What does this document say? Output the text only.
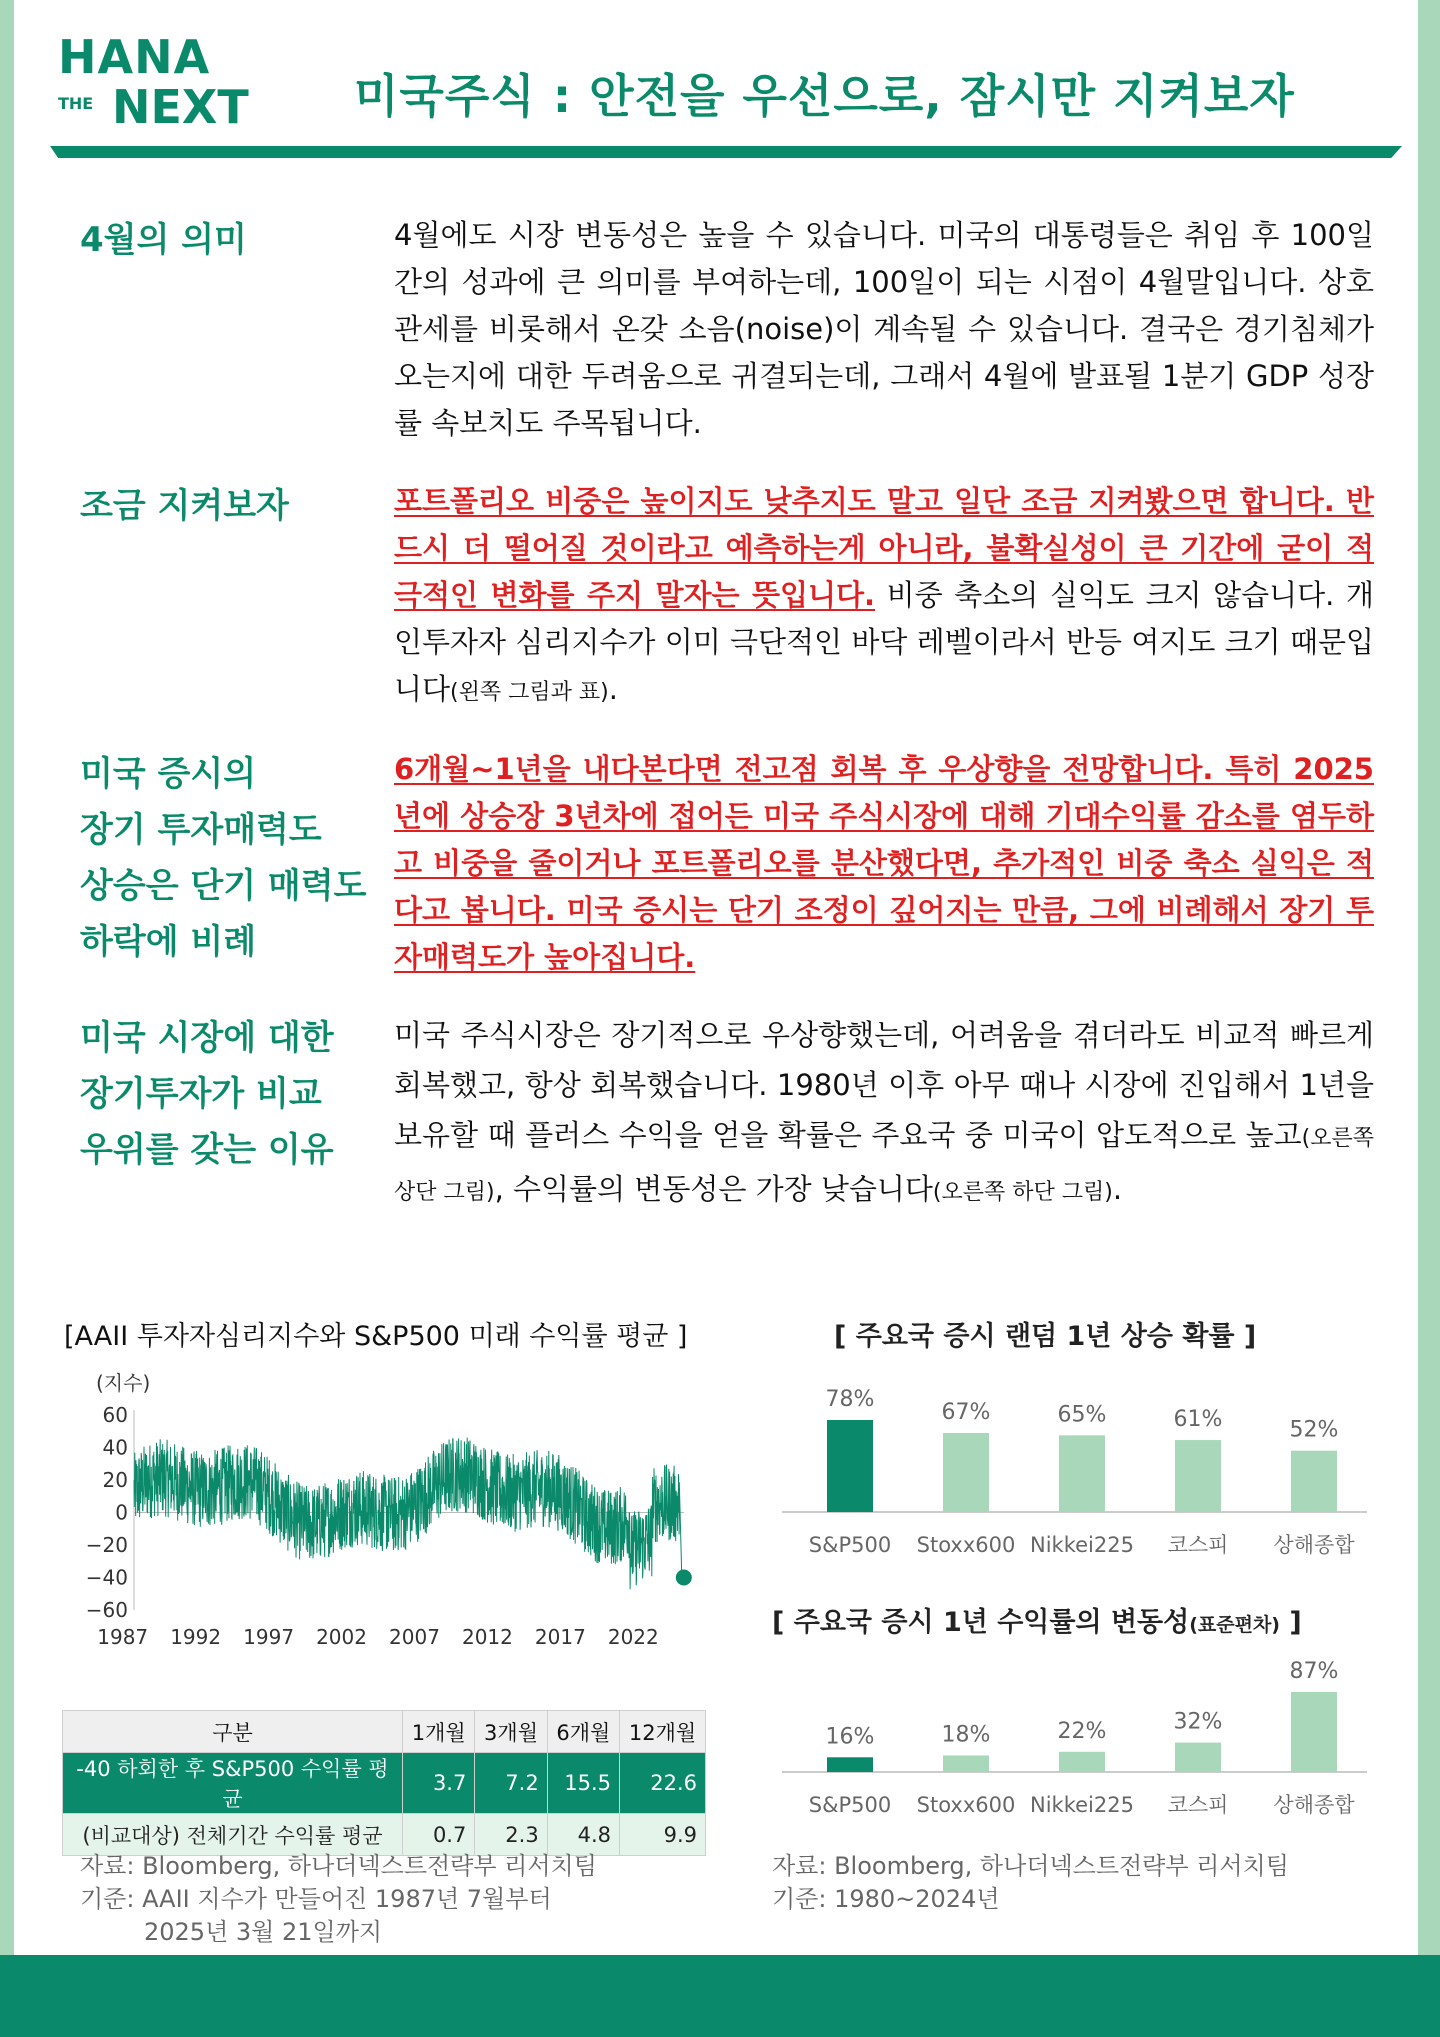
HANA
THE NEXT 미국주식 : 안전을 우선으로, 잠시만 지켜보자
4월의 의미	4월에도 시장 변동성은 높을 수 있습니다. 미국의 대통령들은 취임 후 100일 간의 성과에 큰 의미를 부여하는데, 100일이 되는 시점이 4월말입니다. 상호관세를 비롯해서 온갖 소음(noise)이 계속될 수 있습니다. 결국은 경기침체가 오는지에 대한 두려움으로 귀결되는데, 그래서 4월에 발표될 1분기 GDP 성장률 속보치도 주목됩니다.
조금 지켜보자	포트폴리오 비중은 높이지도 낮추지도 말고 일단 조금 지켜봤으면 합니다. 반드시 더 떨어질 것이라고 예측하는게 아니라, 불확실성이 큰 기간에 굳이 적극적인 변화를 주지 말자는 뜻입니다. 비중 축소의 실익도 크지 않습니다. 개인투자자 심리지수가 이미 극단적인 바닥 레벨이라서 반등 여지도 크기 때문입니다(왼쪽 그림과 표).
미국 증시의
장기 투자매력도
상승은 단기 매력도
하락에 비례
6개월~1년을 내다본다면 전고점 회복 후 우상향을 전망합니다. 특히 2025년에 상승장 3년차에 접어든 미국 주식시장에 대해 기대수익률 감소를 염두하고 비중을 줄이거나 포트폴리오를 분산했다면, 추가적인 비중 축소 실익은 적다고 봅니다. 미국 증시는 단기 조정이 깊어지는 만큼, 그에 비례해서 장기 투자매력도가 높아집니다.
미국 시장에 대한
장기투자가 비교
우위를 갖는 이유
미국 주식시장은 장기적으로 우상향했는데, 어려움을 겪더라도 비교적 빠르게 회복했고, 항상 회복했습니다. 1980년 이후 아무 때나 시장에 진입해서 1년을 보유할 때 플러스 수익을 얻을 확률은 주요국 중 미국이 압도적으로 높고(오른쪽 상단 그림), 수익률의 변동성은 가장 낮습니다(오른쪽 하단 그림).
[AAII 투자자심리지수와 S&P500 미래 수익률 평균 ]
(지수)
60
40
20
0
−20
−40
−60
1987 1992 1997 2002 2007 2012 2017 2022
구분	1개월	3개월	6개월	12개월
-40 하회한 후 S&P500 수익률 평균	3.7	7.2	15.5	22.6
(비교대상) 전체기간 수익률 평균	0.7	2.3	4.8	9.9
자료: Bloomberg, 하나더넥스트전략부 리서치팀
기준: AAII 지수가 만들어진 1987년 7월부터
2025년 3월 21일까지
[ 주요국 증시 랜덤 1년 상승 확률 ]
78%
S&P500
67%
Stoxx600
65%
Nikkei225
61%
코스피
52%
상해종합
[ 주요국 증시 1년 수익률의 변동성(표준편차) ]
16%
S&P500
18%
Stoxx600
22%
Nikkei225
32%
코스피
87%
상해종합
자료: Bloomberg, 하나더넥스트전략부 리서치팀
기준: 1980~2024년
